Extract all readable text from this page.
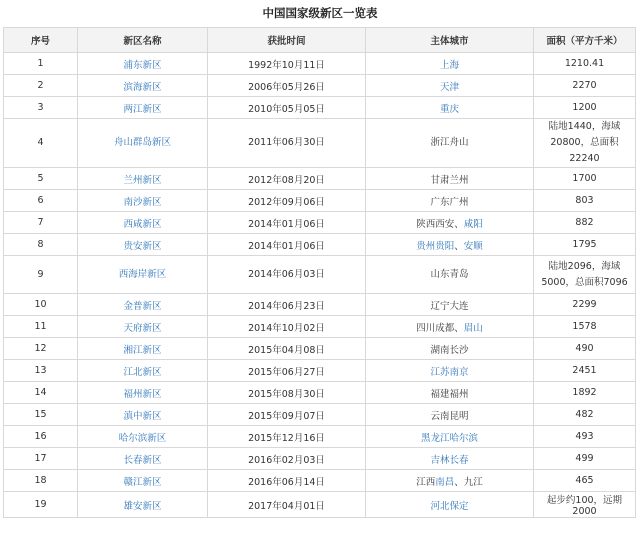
中国国家级新区一览表
序号	新区名称	获批时间	主体城市	面积（平方千米）
1	浦东新区	1992年10月11日	上海	1210.41
2	滨海新区	2006年05月26日	天津	2270
3	两江新区	2010年05月05日	重庆	1200
4	舟山群岛新区	2011年06月30日	浙江舟山	陆地1440，海域20800，总面积22240
5	兰州新区	2012年08月20日	甘肃兰州	1700
6	南沙新区	2012年09月06日	广东广州	803
7	西咸新区	2014年01月06日	陕西西安、咸阳	882
8	贵安新区	2014年01月06日	贵州贵阳、安顺	1795
9	西海岸新区	2014年06月03日	山东青岛	陆地2096，海域5000，总面积7096
10	金普新区	2014年06月23日	辽宁大连	2299
11	天府新区	2014年10月02日	四川成都、眉山	1578
12	湘江新区	2015年04月08日	湖南长沙	490
13	江北新区	2015年06月27日	江苏南京	2451
14	福州新区	2015年08月30日	福建福州	1892
15	滇中新区	2015年09月07日	云南昆明	482
16	哈尔滨新区	2015年12月16日	黑龙江哈尔滨	493
17	长春新区	2016年02月03日	吉林长春	499
18	赣江新区	2016年06月14日	江西南昌、九江	465
19	雄安新区	2017年04月01日	河北保定	起步约100，远期2000
